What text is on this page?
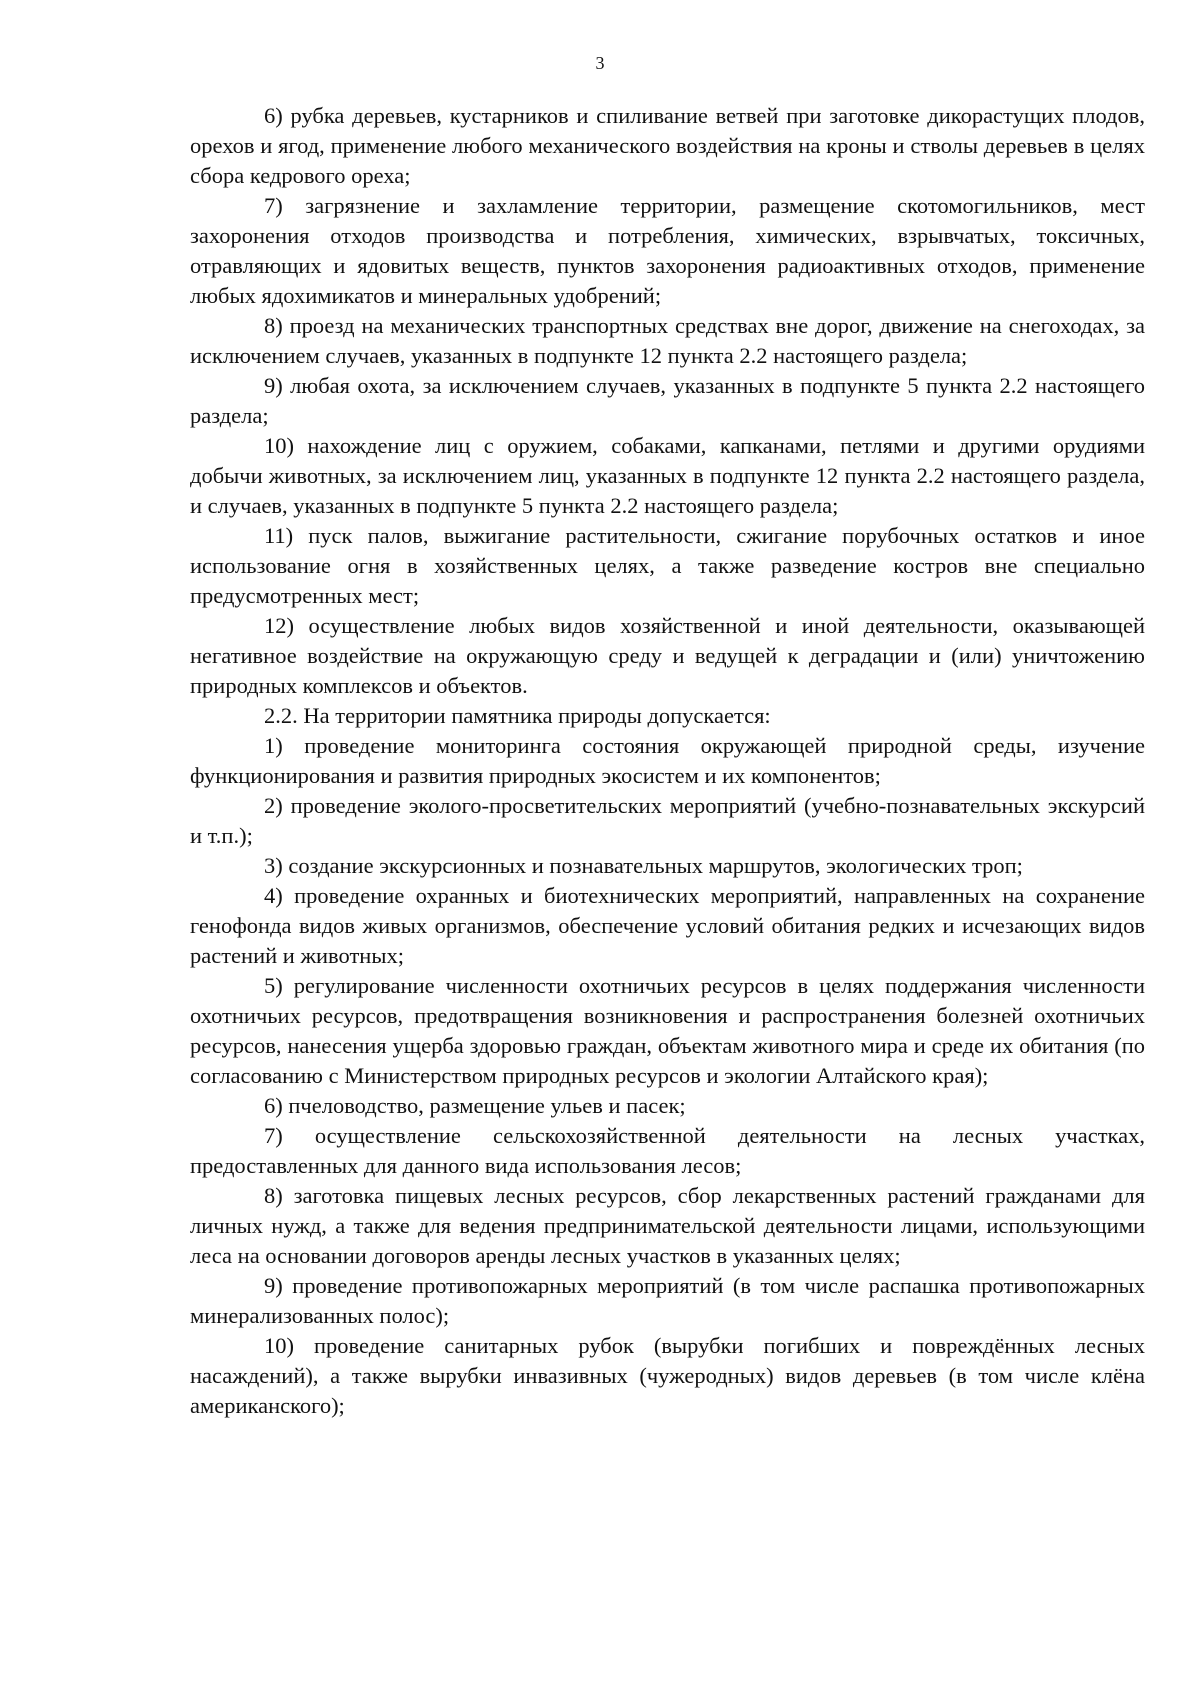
3

6) рубка деревьев, кустарников и спиливание ветвей при заготовке дикорастущих плодов, орехов и ягод, применение любого механического воздействия на кроны и стволы деревьев в целях сбора кедрового ореха;

7) загрязнение и захламление территории, размещение скотомогильников, мест захоронения отходов производства и потребления, химических, взрывчатых, токсичных, отравляющих и ядовитых веществ, пунктов захоронения радиоактивных отходов, применение любых ядохимикатов и минеральных удобрений;

8) проезд на механических транспортных средствах вне дорог, движение на снегоходах, за исключением случаев, указанных в подпункте 12 пункта 2.2 настоящего раздела;

9) любая охота, за исключением случаев, указанных в подпункте 5 пункта 2.2 настоящего раздела;

10) нахождение лиц с оружием, собаками, капканами, петлями и другими орудиями добычи животных, за исключением лиц, указанных в подпункте 12 пункта 2.2 настоящего раздела, и случаев, указанных в подпункте 5 пункта 2.2 настоящего раздела;

11) пуск палов, выжигание растительности, сжигание порубочных остатков и иное использование огня в хозяйственных целях, а также разведение костров вне специально предусмотренных мест;

12) осуществление любых видов хозяйственной и иной деятельности, оказывающей негативное воздействие на окружающую среду и ведущей к деградации и (или) уничтожению природных комплексов и объектов.

2.2. На территории памятника природы допускается:

1) проведение мониторинга состояния окружающей природной среды, изучение функционирования и развития природных экосистем и их компонентов;

2) проведение эколого-просветительских мероприятий (учебно-познавательных экскурсий и т.п.);

3) создание экскурсионных и познавательных маршрутов, экологических троп;

4) проведение охранных и биотехнических мероприятий, направленных на сохранение генофонда видов живых организмов, обеспечение условий обитания редких и исчезающих видов растений и животных;

5) регулирование численности охотничьих ресурсов в целях поддержания численности охотничьих ресурсов, предотвращения возникновения и распространения болезней охотничьих ресурсов, нанесения ущерба здоровью граждан, объектам животного мира и среде их обитания (по согласованию с Министерством природных ресурсов и экологии Алтайского края);

6) пчеловодство, размещение ульев и пасек;

7) осуществление сельскохозяйственной деятельности на лесных участках, предоставленных для данного вида использования лесов;

8) заготовка пищевых лесных ресурсов, сбор лекарственных растений гражданами для личных нужд, а также для ведения предпринимательской деятельности лицами, использующими леса на основании договоров аренды лесных участков в указанных целях;

9) проведение противопожарных мероприятий (в том числе распашка противопожарных минерализованных полос);

10) проведение санитарных рубок (вырубки погибших и повреждённых лесных насаждений), а также вырубки инвазивных (чужеродных) видов деревьев (в том числе клёна американского);
